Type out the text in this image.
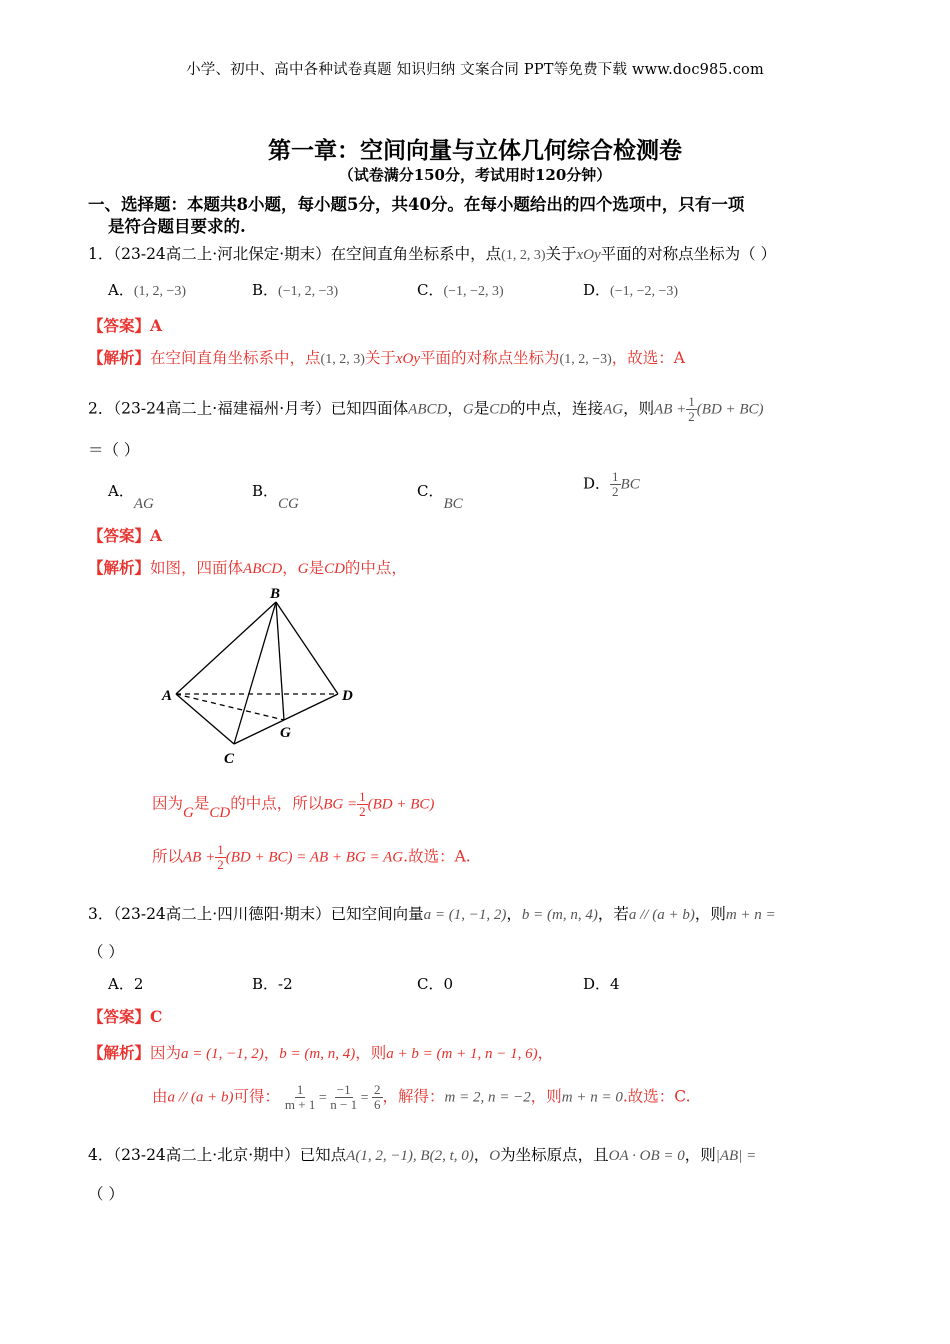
小学、初中、高中各种试卷真题 知识归纳 文案合同 PPT等免费下载 www.doc985.com
第一章：空间向量与立体几何综合检测卷
（试卷满分150分，考试用时120分钟）
一、选择题：本题共8小题，每小题5分，共40分。在每小题给出的四个选项中，只有一项
是符合题目要求的.
1．（23-24高二上·河北保定·期末）在空间直角坐标系中，点(1, 2, 3)关于xOy平面的对称点坐标为（ ）
A．(1, 2, −3)	B．(−1, 2, −3)	C．(−1, −2, 3)	D．(−1, −2, −3)
【答案】A
【解析】在空间直角坐标系中，点(1, 2, 3)关于xOy平面的对称点坐标为(1, 2, −3)，故选：A
2．（23-24高二上·福建福州·月考）已知四面体ABCD，G是CD的中点，连接AG，则AB + $\frac{1}{2} (BD + BC)$
＝（ ）
A．AG
B．CG
C．BC
D． $\frac{1}{2}$ BC
【答案】A
【解析】如图，四面体ABCD，G是CD的中点，
B
A	D
C
G
因为G是CD的中点，所以BG = $\frac{1}{2} (BD + BC)$
所以AB + $\frac{1}{2} (BD + BC)$ = AB + BG = AG.故选：A.
3．（23-24高二上·四川德阳·期末）已知空间向量a = (1, −1, 2)，b = (m, n, 4)，若a // (a + b)，则m + n =
（ ）
A．2	B．-2	C．0	D．4
【答案】C
【解析】因为a = (1, −1, 2)，b = (m, n, 4)，则a + b = (m + 1, n − 1, 6)，
由a // (a + b)可得： $\frac{1}{m + 1} = \frac{-1}{n - 1} = \frac{2}{6}$ ，解得：m = 2, n = −2，则m + n = 0.故选：C.
4．（23-24高二上·北京·期中）已知点A(1, 2, −1), B(2, t, 0)，O为坐标原点，且OA · OB = 0，则|AB| =
（ ）
